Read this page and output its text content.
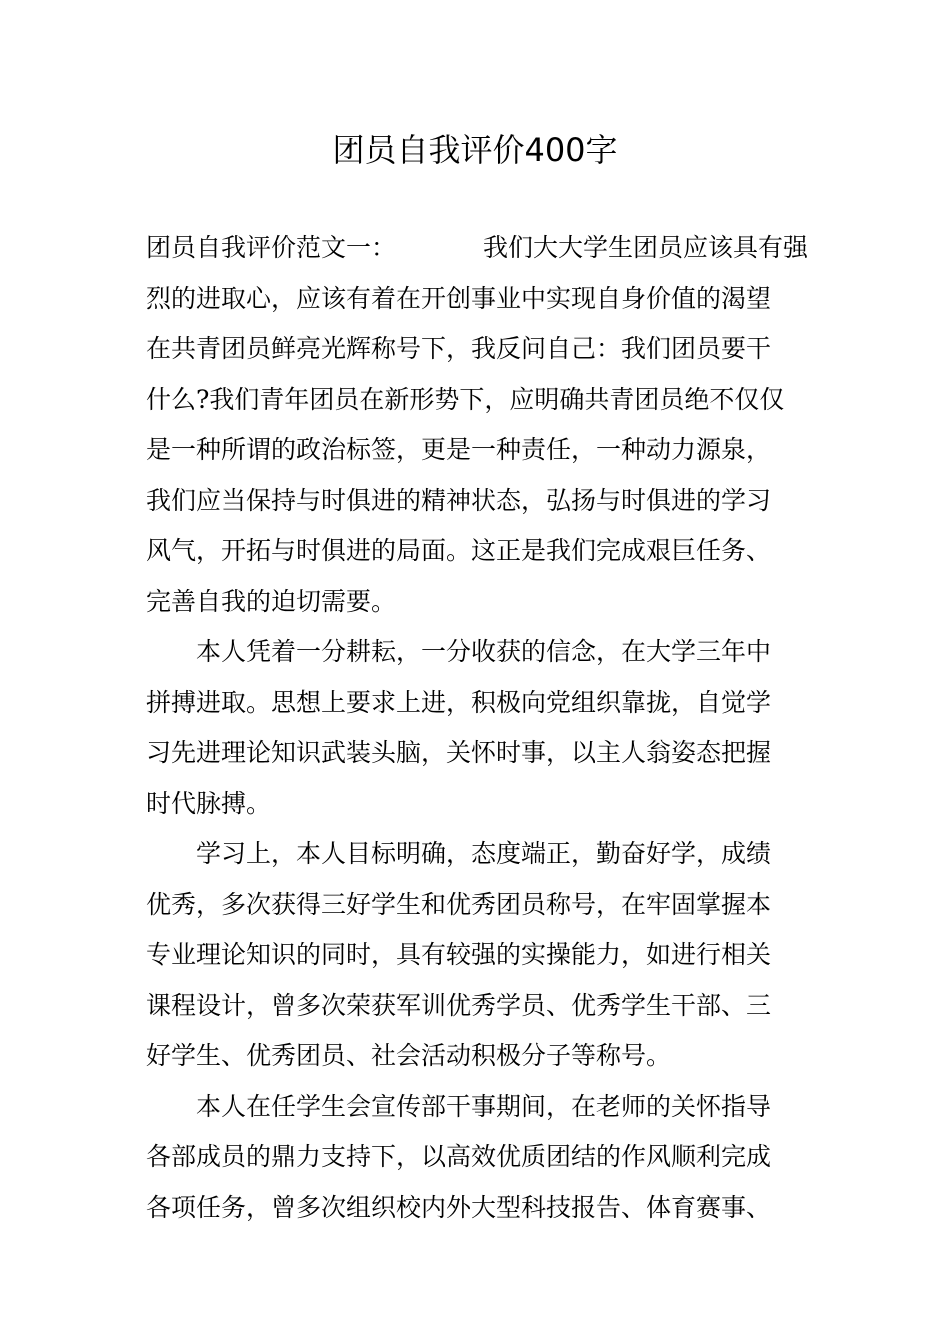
团员自我评价400字
团员自我评价范文一：	我们大大学生团员应该具有强
烈的进取心，应该有着在开创事业中实现自身价值的渴望
在共青团员鲜亮光辉称号下，我反问自己：我们团员要干
什么?我们青年团员在新形势下，应明确共青团员绝不仅仅
是一种所谓的政治标签，更是一种责任，一种动力源泉，
我们应当保持与时俱进的精神状态，弘扬与时俱进的学习
风气，开拓与时俱进的局面。这正是我们完成艰巨任务、
完善自我的迫切需要。
本人凭着一分耕耘，一分收获的信念，在大学三年中
拼搏进取。思想上要求上进，积极向党组织靠拢，自觉学
习先进理论知识武装头脑，关怀时事，以主人翁姿态把握
时代脉搏。
学习上，本人目标明确，态度端正，勤奋好学，成绩
优秀，多次获得三好学生和优秀团员称号，在牢固掌握本
专业理论知识的同时，具有较强的实操能力，如进行相关
课程设计，曾多次荣获军训优秀学员、优秀学生干部、三
好学生、优秀团员、社会活动积极分子等称号。
本人在任学生会宣传部干事期间，在老师的关怀指导
各部成员的鼎力支持下，以高效优质团结的作风顺利完成
各项任务，曾多次组织校内外大型科技报告、体育赛事、
